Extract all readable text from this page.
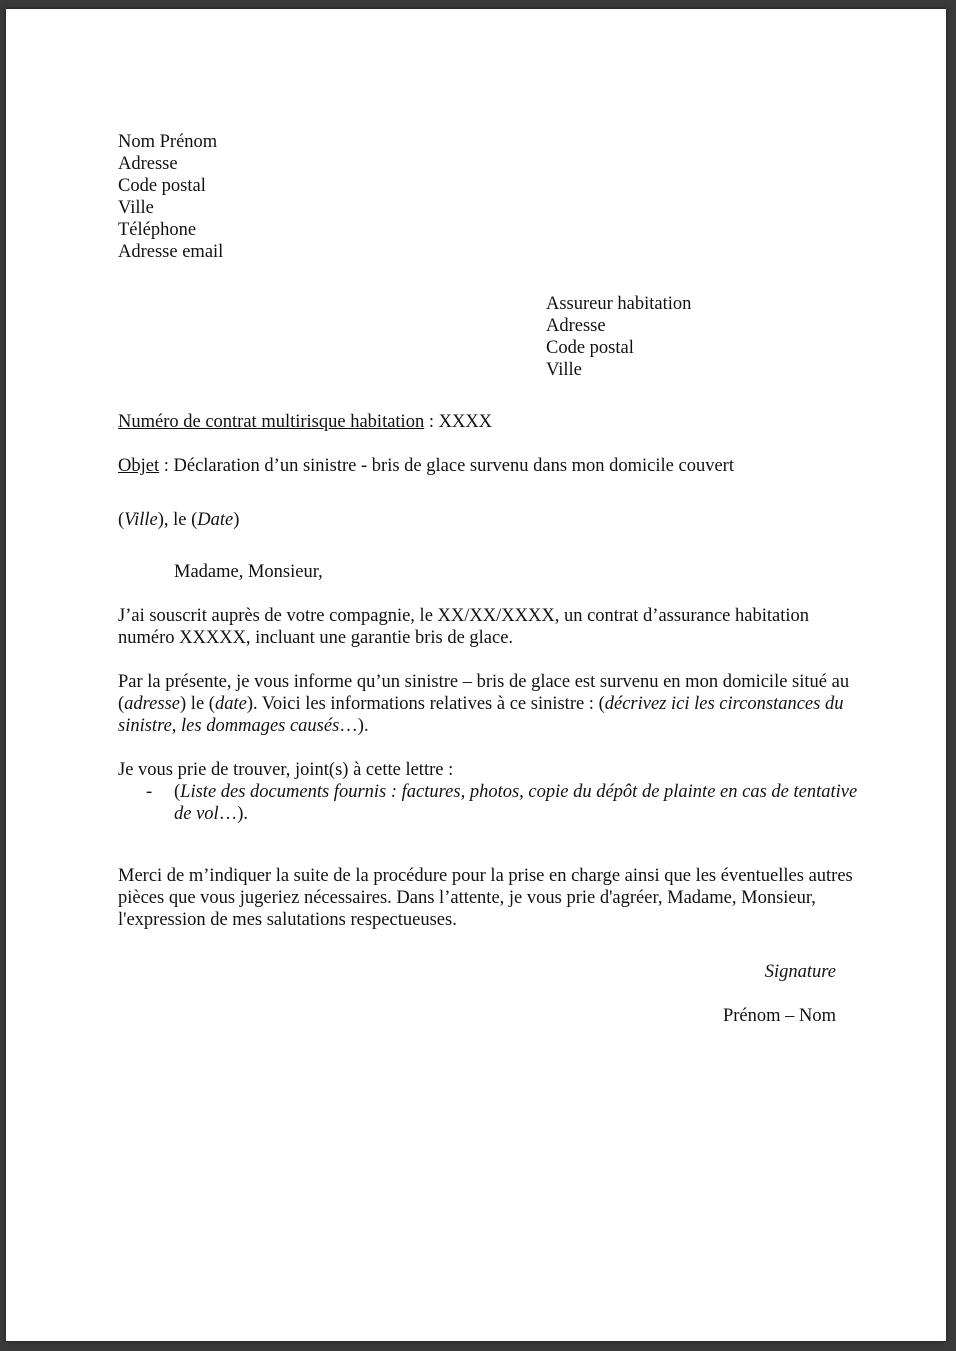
Nom Prénom
Adresse
Code postal
Ville
Téléphone
Adresse email
Assureur habitation
Adresse
Code postal
Ville
Numéro de contrat multirisque habitation : XXXX
Objet : Déclaration d’un sinistre - bris de glace survenu dans mon domicile couvert
(Ville), le (Date)
Madame, Monsieur,
J’ai souscrit auprès de votre compagnie, le XX/XX/XXXX, un contrat d’assurance habitation
numéro XXXXX, incluant une garantie bris de glace.
Par la présente, je vous informe qu’un sinistre – bris de glace est survenu en mon domicile situé au
(adresse) le (date). Voici les informations relatives à ce sinistre : (décrivez ici les circonstances du
sinistre, les dommages causés…).
Je vous prie de trouver, joint(s) à cette lettre :
- (Liste des documents fournis : factures, photos, copie du dépôt de plainte en cas de tentative
de vol…).
Merci de m’indiquer la suite de la procédure pour la prise en charge ainsi que les éventuelles autres
pièces que vous jugeriez nécessaires. Dans l’attente, je vous prie d'agréer, Madame, Monsieur,
l'expression de mes salutations respectueuses.
Signature
Prénom – Nom
